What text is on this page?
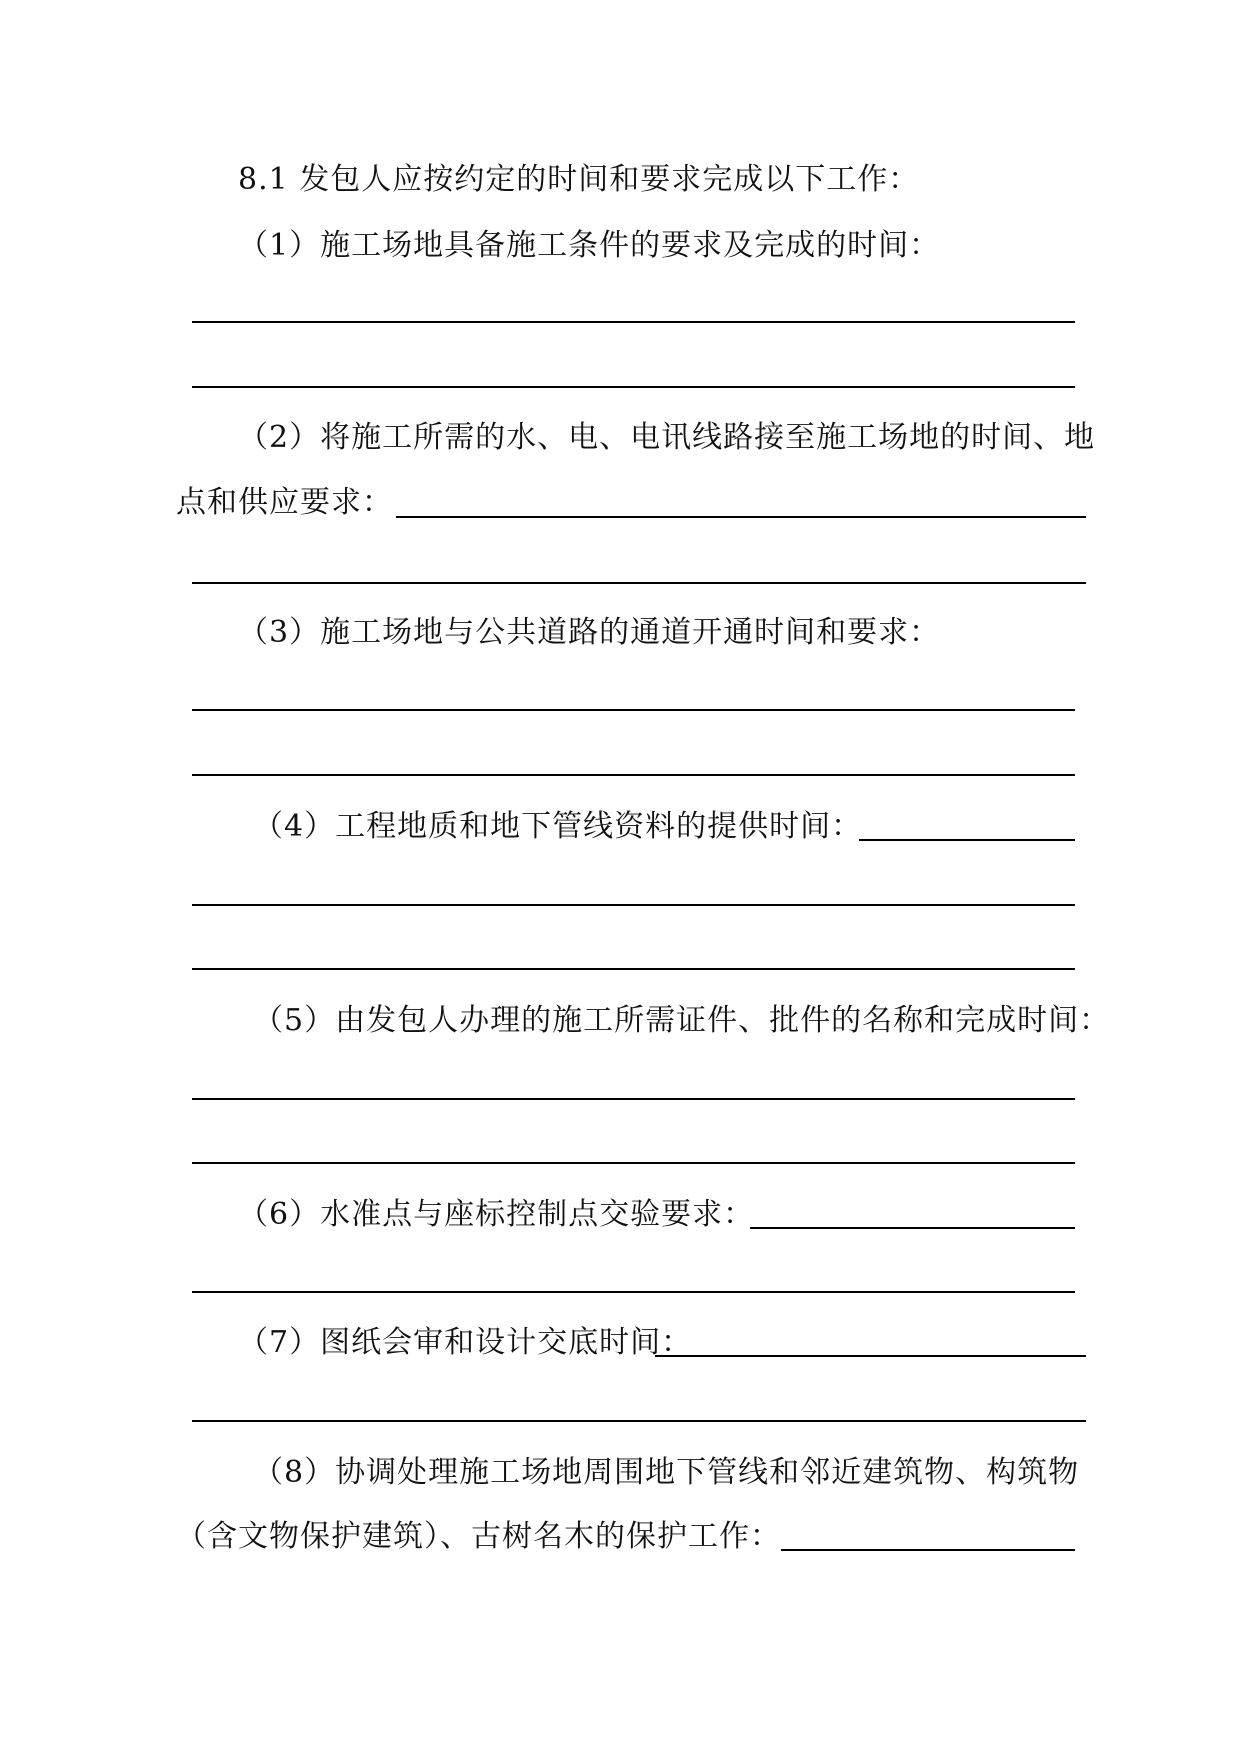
8.1 发包人应按约定的时间和要求完成以下工作：

（1）施工场地具备施工条件的要求及完成的时间：

（2）将施工所需的水、电、电讯线路接至施工场地的时间、地

点和供应要求：

（3）施工场地与公共道路的通道开通时间和要求：

（4）工程地质和地下管线资料的提供时间：

（5）由发包人办理的施工所需证件、批件的名称和完成时间：

（6）水准点与座标控制点交验要求：

（7）图纸会审和设计交底时间：

（8）协调处理施工场地周围地下管线和邻近建筑物、构筑物

（含文物保护建筑）、古树名木的保护工作：
